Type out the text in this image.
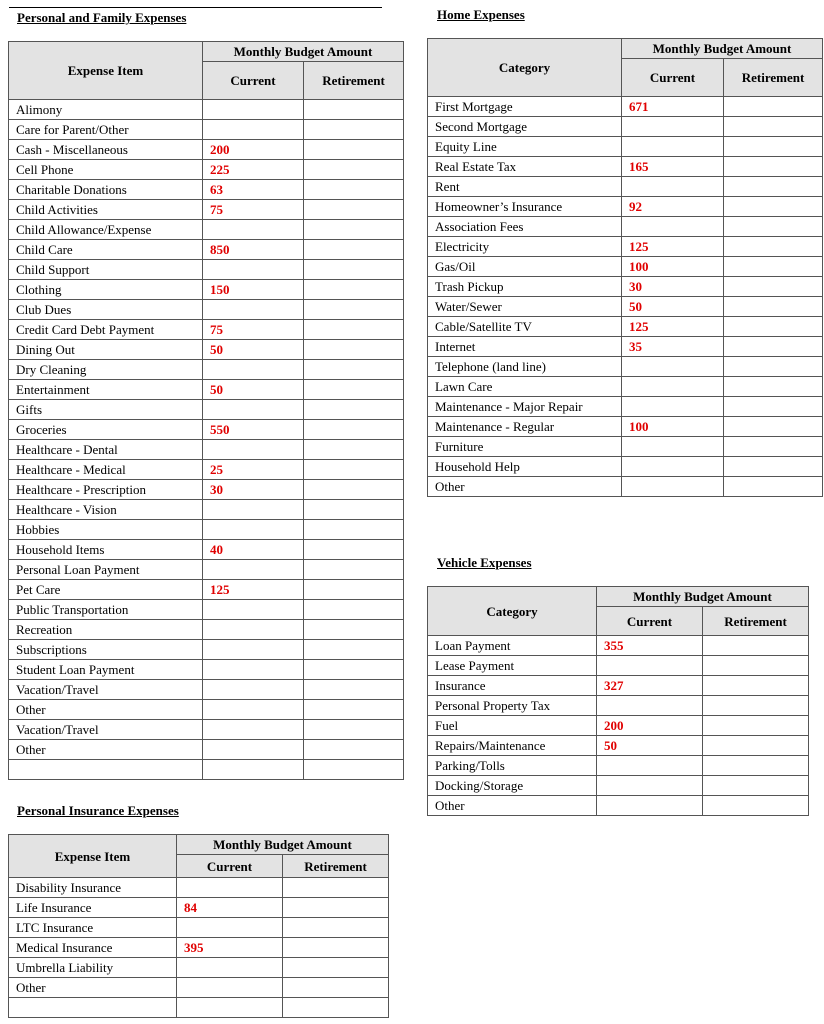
Personal and Family Expenses	Home Expenses
Vehicle Expenses
Personal Insurance Expenses
Expense Item	Monthly Budget Amount	
	Current	Retirement
Alimony		
Care for Parent/Other		
Cash - Miscellaneous	200	
Cell Phone	225	
Charitable Donations	63	
Child Activities	75	
Child Allowance/Expense		
Child Care	850	
Child Support		
Clothing	150	
Club Dues		
Credit Card Debt Payment	75	
Dining Out	50	
Dry Cleaning		
Entertainment	50	
Gifts		
Groceries	550	
Healthcare - Dental		
Healthcare - Medical	25	
Healthcare - Prescription	30	
Healthcare - Vision		
Hobbies		
Household Items	40	
Personal Loan Payment		
Pet Care	125	
Public Transportation		
Recreation		
Subscriptions		
Student Loan Payment		
Vacation/Travel		
Other		
Vacation/Travel		
Other		

Category	Monthly Budget Amount	
	Current	Retirement
First Mortgage	671	
Second Mortgage		
Equity Line		
Real Estate Tax	165	
Rent		
Homeowner’s Insurance	92	
Association Fees		
Electricity	125	
Gas/Oil	100	
Trash Pickup	30	
Water/Sewer	50	
Cable/Satellite TV	125	
Internet	35	
Telephone (land line)		
Lawn Care		
Maintenance - Major Repair		
Maintenance - Regular	100	
Furniture		
Household Help		
Other		
Category	Monthly Budget Amount	
	Current	Retirement
Loan Payment	355	
Lease Payment		
Insurance	327	
Personal Property Tax		
Fuel	200	
Repairs/Maintenance	50	
Parking/Tolls		
Docking/Storage		
Other		
Expense Item	Monthly Budget Amount	
	Current	Retirement
Disability Insurance		
Life Insurance	84	
LTC Insurance		
Medical Insurance	395	
Umbrella Liability		
Other		
